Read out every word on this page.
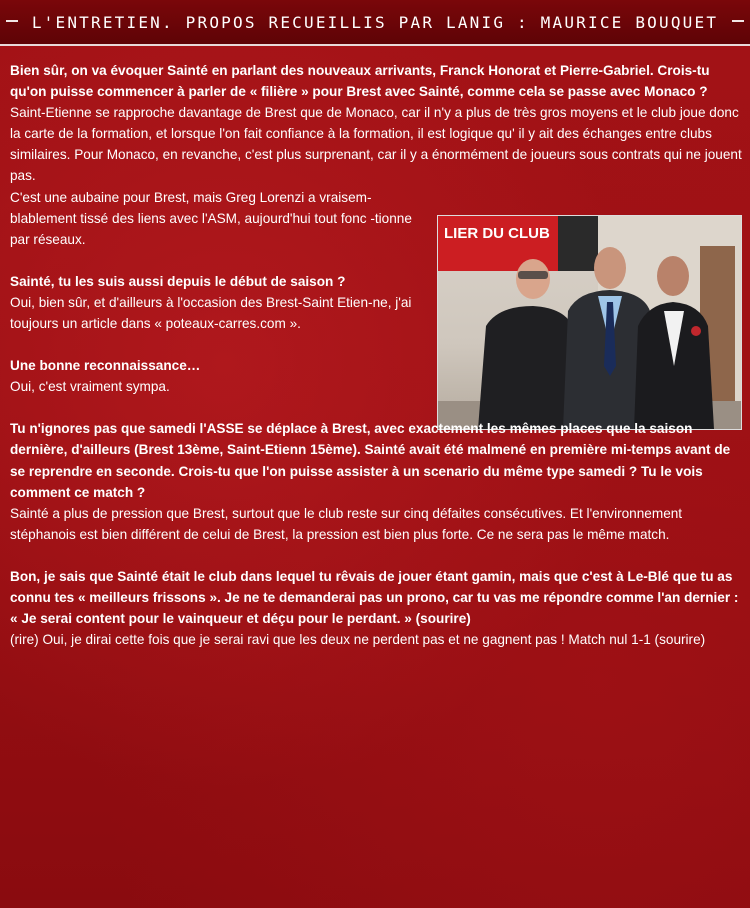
L'ENTRETIEN. PROPOS RECUEILLIS PAR LANIG : MAURICE BOUQUET
LIER DU CLUB

Bien sûr, on va évoquer Sainté en parlant des nouveaux arrivants, Franck Honorat et Pierre-Gabriel. Crois-tu qu'on puisse commencer à parler de « filière » pour Brest avec Sainté, comme cela se passe avec Monaco ?

Saint-Etienne se rapproche davantage de Brest que de Monaco, car il n'y a plus de très gros moyens et le club joue donc la carte de la formation, et lorsque l'on fait confiance à la formation, il est logique qu' il y ait des échanges entre clubs similaires. Pour Monaco, en revanche, c'est plus surprenant, car il y a énormément de joueurs sous contrats qui ne jouent pas.

C'est une aubaine pour Brest, mais Greg Lorenzi a vraisem-blablement tissé des liens avec l'ASM, aujourd'hui tout fonc -tionne par réseaux.

Sainté, tu les suis aussi depuis le début de saison ?

Oui, bien sûr, et d'ailleurs à l'occasion des Brest-Saint Etien-ne, j'ai toujours un article dans « poteaux-carres.com ».

Une bonne reconnaissance…

Oui, c'est vraiment sympa.

Tu n'ignores pas que samedi l'ASSE se déplace à Brest, avec exactement les mêmes places que la saison dernière, d'ailleurs (Brest 13ème, Saint-Etienn 15ème). Sainté avait été malmené en première mi-temps avant de se reprendre en seconde. Crois-tu que l'on puisse assister à un scenario du même type samedi ? Tu le vois comment ce match ?

Sainté a plus de pression que Brest, surtout que le club reste sur cinq défaites consécutives. Et l'environnement stéphanois est bien différent de celui de Brest, la pression est bien plus forte. Ce ne sera pas le même match.

Bon, je sais que Sainté était le club dans lequel tu rêvais de jouer étant gamin, mais que c'est à Le-Blé que tu as connu tes « meilleurs frissons ». Je ne te demanderai pas un prono, car tu vas me répondre comme l'an dernier : « Je serai content pour le vainqueur et déçu pour le perdant. » (sourire)

(rire) Oui, je dirai cette fois que je serai ravi que les deux ne perdent pas et ne gagnent pas ! Match nul 1-1 (sourire)
